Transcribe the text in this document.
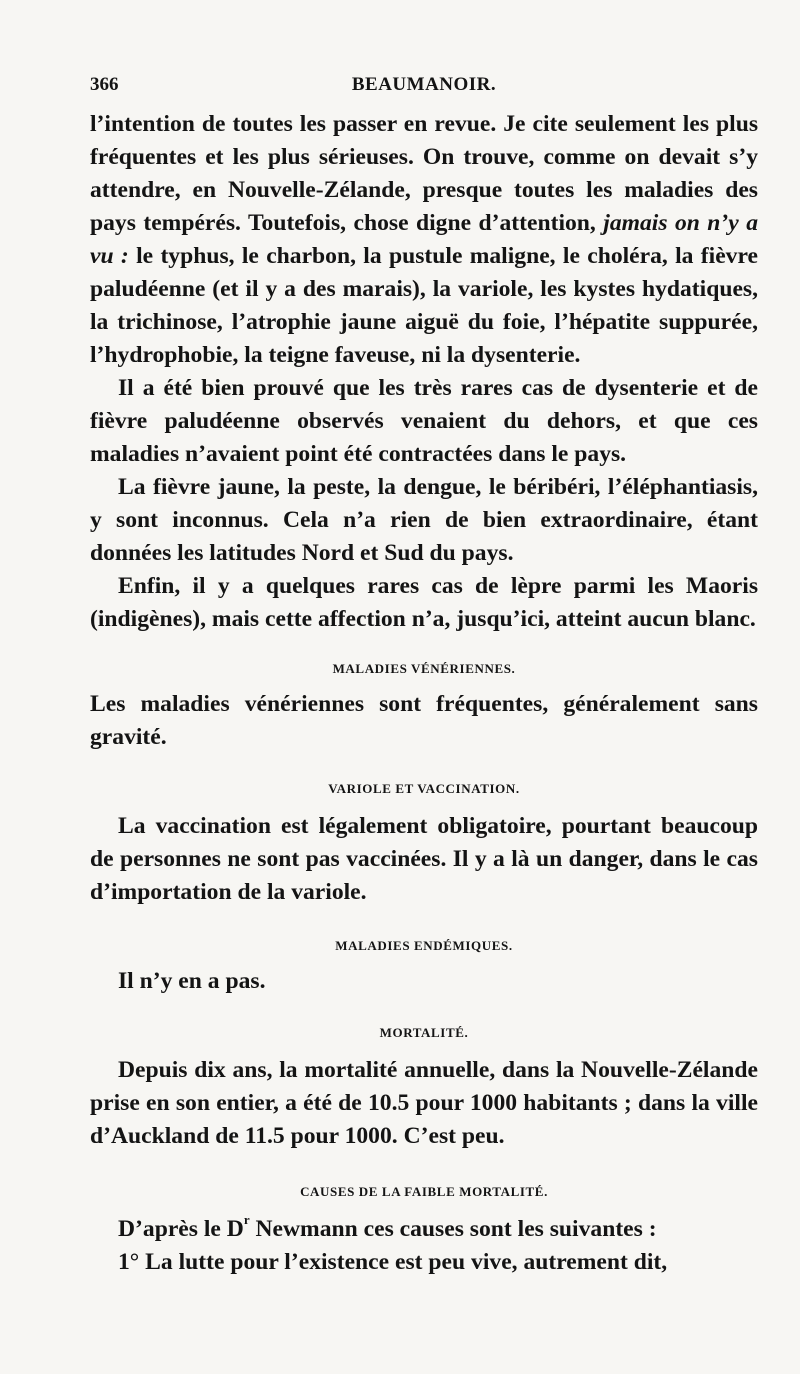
366	BEAUMANOIR.

l’intention de toutes les passer en revue. Je cite seulement les plus fréquentes et les plus sérieuses. On trouve, comme on devait s’y attendre, en Nouvelle-Zélande, presque toutes les maladies des pays tempérés. Toutefois, chose digne d’attention, jamais on n’y a vu : le typhus, le charbon, la pustule maligne, le choléra, la fièvre paludéenne (et il y a des marais), la variole, les kystes hydatiques, la trichinose, l’atrophie jaune aiguë du foie, l’hépatite suppurée, l’hydrophobie, la teigne faveuse, ni la dysenterie.

Il a été bien prouvé que les très rares cas de dysenterie et de fièvre paludéenne observés venaient du dehors, et que ces maladies n’avaient point été contractées dans le pays.

La fièvre jaune, la peste, la dengue, le béribéri, l’éléphantiasis, y sont inconnus. Cela n’a rien de bien extraordinaire, étant données les latitudes Nord et Sud du pays.

Enfin, il y a quelques rares cas de lèpre parmi les Maoris (indigènes), mais cette affection n’a, jusqu’ici, atteint aucun blanc.

MALADIES VÉNÉRIENNES.

Les maladies vénériennes sont fréquentes, généralement sans gravité.

VARIOLE ET VACCINATION.

La vaccination est légalement obligatoire, pourtant beaucoup de personnes ne sont pas vaccinées. Il y a là un danger, dans le cas d’importation de la variole.

MALADIES ENDÉMIQUES.

Il n’y en a pas.

MORTALITÉ.

Depuis dix ans, la mortalité annuelle, dans la Nouvelle-Zélande prise en son entier, a été de 10.5 pour 1000 habitants ; dans la ville d’Auckland de 11.5 pour 1000. C’est peu.

CAUSES DE LA FAIBLE MORTALITÉ.

D’après le $D^r$ Newmann ces causes sont les suivantes :

1° La lutte pour l’existence est peu vive, autrement dit,
